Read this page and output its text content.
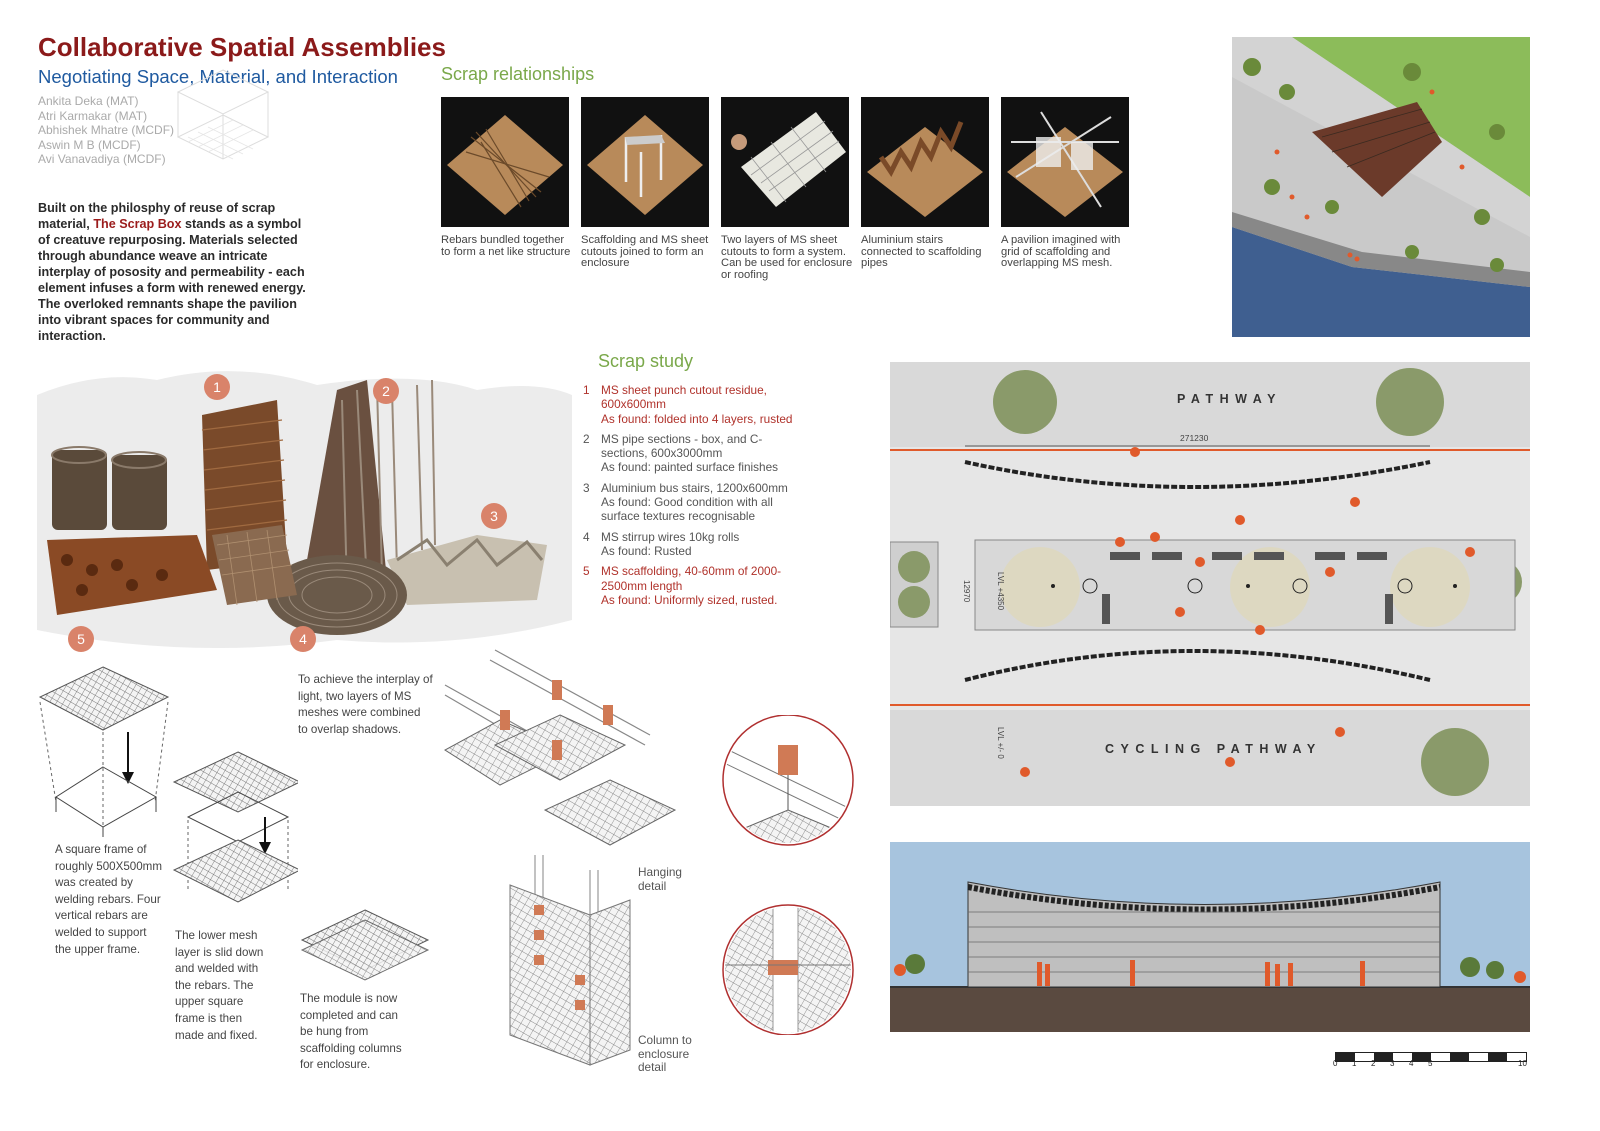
Collaborative Spatial Assemblies
Negotiating Space, Material, and Interaction
Ankita Deka (MAT)
Atri Karmakar (MAT)
Abhishek Mhatre (MCDF)
Aswin M B (MCDF)
Avi Vanavadiya (MCDF)
Built on the philosphy of reuse of scrap material, The Scrap Box stands as a symbol of creatuve repurposing. Materials selected through abundance weave an intricate interplay of pososity and permeability - each element infuses a form with renewed energy. The overloked remnants shape the pavilion into vibrant spaces for community and interaction.
Scrap relationships
Rebars bundled together to form a net like structure
Scaffolding and MS sheet cutouts joined to form an enclosure
Two layers of MS sheet cutouts to form a system. Can be used for enclosure or roofing
Aluminium stairs connected to scaffolding pipes
A pavilion imagined with grid of scaffolding and overlapping MS mesh.
1	2
3
4
5
Scrap study
1 MS sheet punch cutout residue, 600x600mm
As found: folded into 4 layers, rusted
2 MS pipe sections - box, and C-sections, 600x3000mm
As found: painted surface finishes
3 Aluminium bus stairs, 1200x600mm
As found: Good condition with all surface textures recognisable
4 MS stirrup wires 10kg rolls
As found: Rusted
5 MS scaffolding, 40-60mm of 2000-2500mm length
As found: Uniformly sized, rusted.
To achieve the interplay of light, two layers of MS meshes were combined to overlap shadows.
A square frame of roughly 500X500mm was created by welding rebars. Four vertical rebars are welded to support the upper frame.
The lower mesh layer is slid down and welded with the rebars. The upper square frame is then made and fixed.
The module is now completed and can be hung from scaffolding columns for enclosure.
Hanging detail
Column to enclosure detail
12970	LVL +4350
LVL +/- 0
PATHWAY
CYCLING PATHWAY
271230
0 1 2 3 4 5	10
